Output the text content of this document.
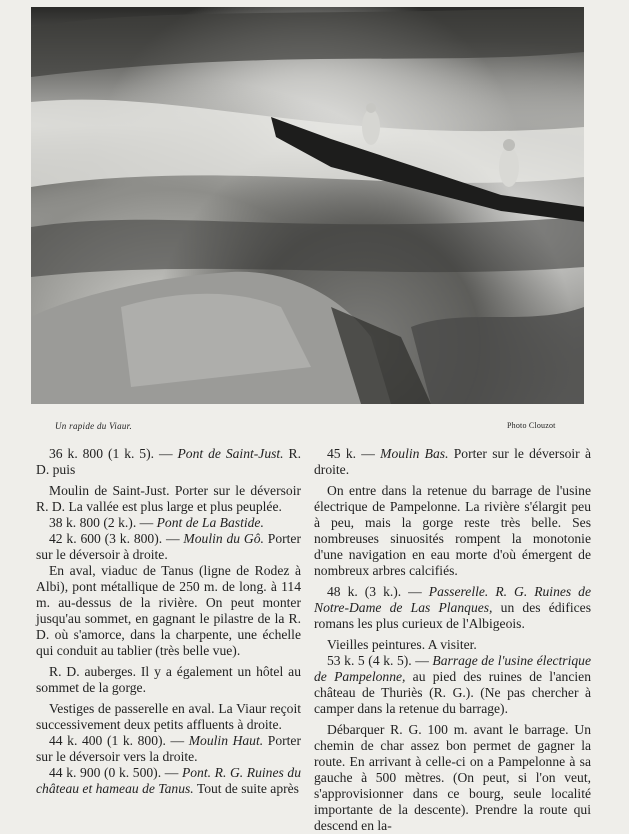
Un rapide du Viaur.	Photo Clouzot

36 k. 800 (1 k. 5). — Pont de Saint-Just. R. D. puis

Moulin de Saint-Just. Porter sur le déversoir R. D. La vallée est plus large et plus peuplée.

38 k. 800 (2 k.). — Pont de La Bastide.

42 k. 600 (3 k. 800). — Moulin du Gô. Porter sur le déversoir à droite.

En aval, viaduc de Tanus (ligne de Rodez à Albi), pont métallique de 250 m. de long. à 114 m. au-dessus de la rivière. On peut monter jusqu'au sommet, en gagnant le pilastre de la R. D. où s'amorce, dans la charpente, une échelle qui conduit au tablier (très belle vue).

R. D. auberges. Il y a également un hôtel au sommet de la gorge.

Vestiges de passerelle en aval. La Viaur reçoit successivement deux petits affluents à droite.

44 k. 400 (1 k. 800). — Moulin Haut. Porter sur le déversoir vers la droite.

44 k. 900 (0 k. 500). — Pont. R. G. Ruines du château et hameau de Tanus. Tout de suite après

45 k. — Moulin Bas. Porter sur le déversoir à droite.

On entre dans la retenue du barrage de l'usine électrique de Pampelonne. La rivière s'élargit peu à peu, mais la gorge reste très belle. Ses nombreuses sinuosités rompent la monotonie d'une navigation en eau morte d'où émergent de nombreux arbres calcifiés.

48 k. (3 k.). — Passerelle. R. G. Ruines de Notre-Dame de Las Planques, un des édifices romans les plus curieux de l'Albigeois.

Vieilles peintures. A visiter.

53 k. 5 (4 k. 5). — Barrage de l'usine électrique de Pampelonne, au pied des ruines de l'ancien château de Thuriès (R. G.). (Ne pas chercher à camper dans la retenue du barrage).

Débarquer R. G. 100 m. avant le barrage. Un chemin de char assez bon permet de gagner la route. En arrivant à celle-ci on a Pampelonne à sa gauche à 500 mètres. (On peut, si l'on veut, s'approvisionner dans ce bourg, seule localité importante de la descente). Prendre la route qui descend en la-
